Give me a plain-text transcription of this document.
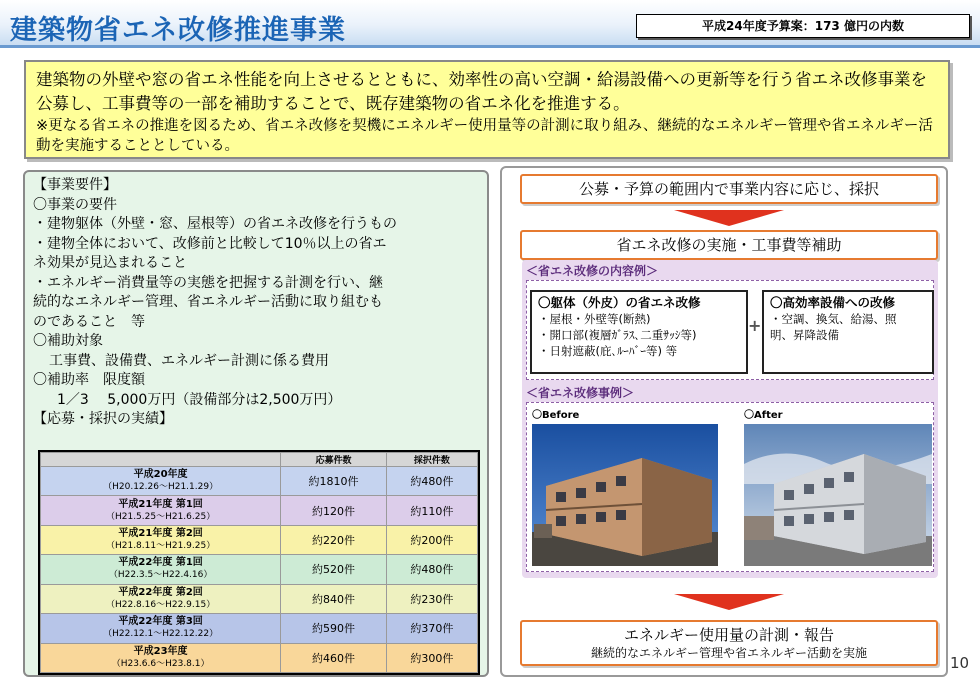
建築物省エネ改修推進事業	平成24年度予算案：173 億円の内数
建築物の外壁や窓の省エネ性能を向上させるとともに、効率性の高い空調・給湯設備への更新等を行う省エネ改修事業を公募し、工事費等の一部を補助することで、既存建築物の省エネ化を推進する。
※更なる省エネの推進を図るため、省エネ改修を契機にエネルギー使用量等の計測に取り組み、継続的なエネルギー管理や省エネルギー活動を実施することとしている。
【事業要件】
〇事業の要件
・建物躯体（外壁・窓、屋根等）の省エネ改修を行うもの
・建物全体において、改修前と比較して10％以上の省エ
ネ効果が見込まれること
・エネルギー消費量等の実態を把握する計測を行い、継
続的なエネルギー管理、省エネルギー活動に取り組むも
のであること　等
〇補助対象
工事費、設備費、エネルギー計測に係る費用
〇補助率　限度額
1／3　 5,000万円（設備部分は2,500万円）
【応募・採択の実績】
	応募件数	採択件数

平成20年度
（H20.12.26～H21.1.29）	約1810件	約480件

平成21年度 第1回
（H21.5.25～H21.6.25）	約120件	約110件

平成21年度 第2回
（H21.8.11～H21.9.25）	約220件	約200件

平成22年度 第1回
（H22.3.5～H22.4.16）	約520件	約480件

平成22年度 第2回
（H22.8.16～H22.9.15）	約840件	約230件

平成22年度 第3回
（H22.12.1～H22.12.22）	約590件	約370件

平成23年度
（H23.6.6～H23.8.1）	約460件	約300件
公募・予算の範囲内で事業内容に応じ、採択
省エネ改修の実施・工事費等補助
＜省エネ改修の内容例＞
〇躯体（外皮）の省エネ改修
・屋根・外壁等(断熱)
・開口部(複層ｶﾞﾗｽ､二重ｻｯｼ等)
・日射遮蔽(庇､ﾙｰﾊﾞｰ等) 等
+
〇高効率設備への改修
・空調、換気、給湯、照
明、昇降設備
＜省エネ改修事例＞
〇Before	〇After
エネルギー使用量の計測・報告
継続的なエネルギー管理や省エネルギー活動を実施
10
